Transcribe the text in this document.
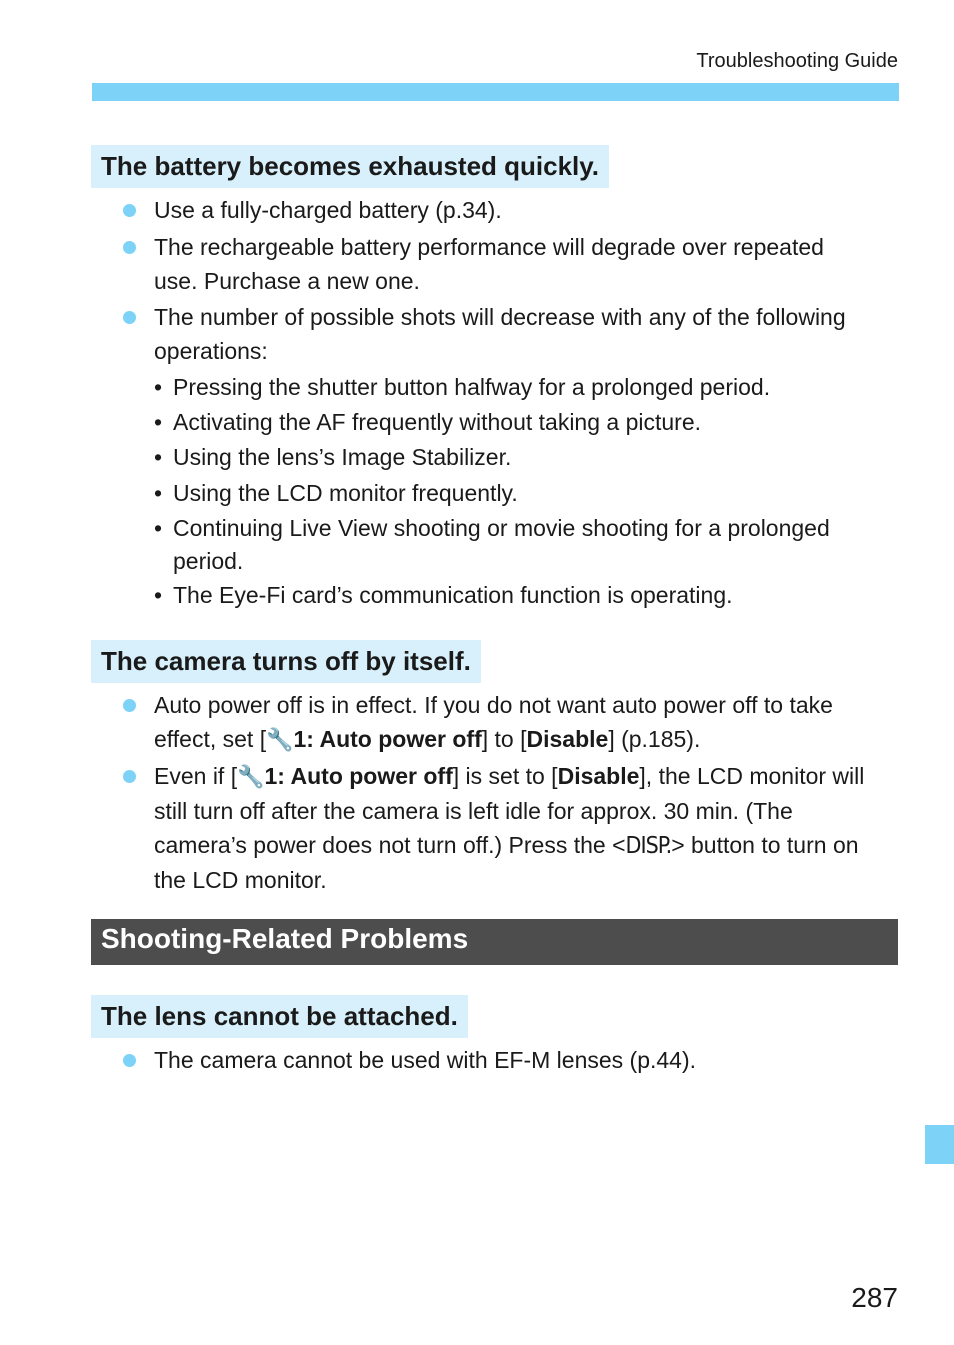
Troubleshooting Guide
The battery becomes exhausted quickly.
Use a fully-charged battery (p.34).
The rechargeable battery performance will degrade over repeated
use. Purchase a new one.
The number of possible shots will decrease with any of the following
operations:
• Pressing the shutter button halfway for a prolonged period.
• Activating the AF frequently without taking a picture.
• Using the lens’s Image Stabilizer.
• Using the LCD monitor frequently.
• Continuing Live View shooting or movie shooting for a prolonged
period.
• The Eye-Fi card’s communication function is operating.
The camera turns off by itself.
Auto power off is in effect. If you do not want auto power off to take
effect, set [🔧1: Auto power off] to [Disable] (p.185).
Even if [🔧1: Auto power off] is set to [Disable], the LCD monitor will
still turn off after the camera is left idle for approx. 30 min. (The
camera’s power does not turn off.) Press the <DISP.> button to turn on
the LCD monitor.
Shooting-Related Problems
The lens cannot be attached.
The camera cannot be used with EF-M lenses (p.44).
287
